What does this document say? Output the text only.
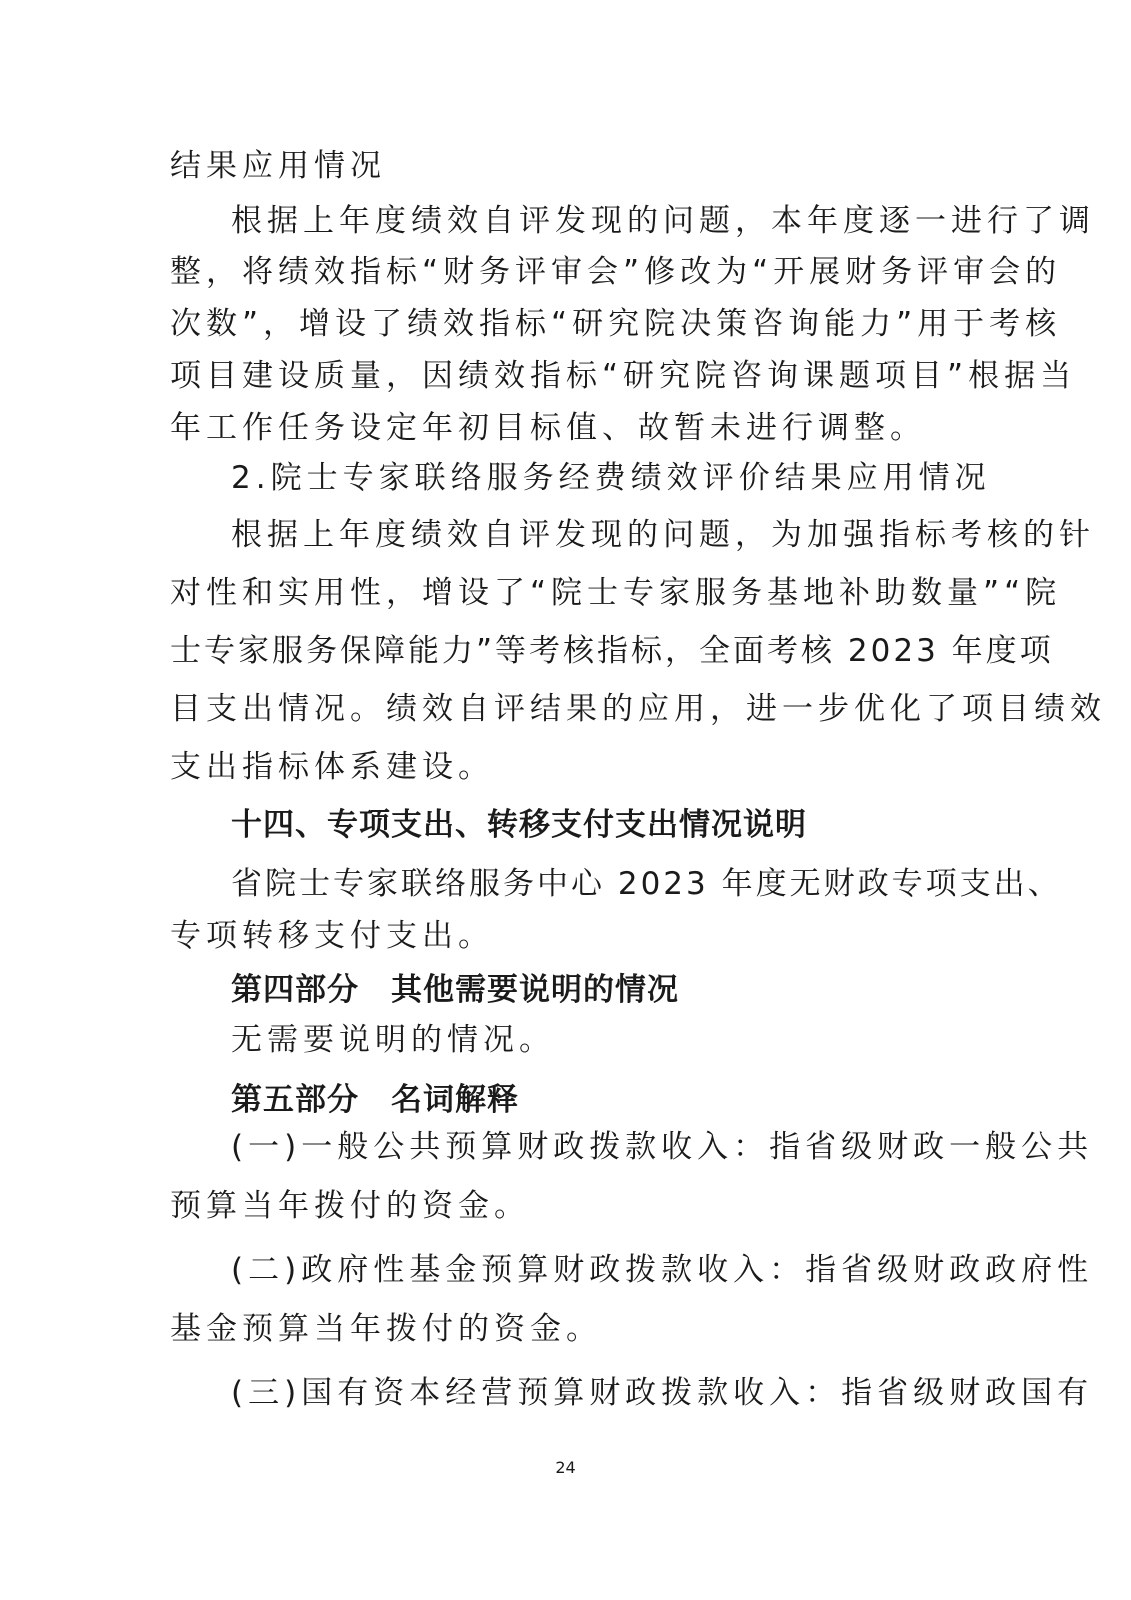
结果应用情况
根据上年度绩效自评发现的问题，本年度逐一进行了调
整，将绩效指标“财务评审会”修改为“开展财务评审会的
次数”，增设了绩效指标“研究院决策咨询能力”用于考核
项目建设质量，因绩效指标“研究院咨询课题项目”根据当
年工作任务设定年初目标值、故暂未进行调整。
2.院士专家联络服务经费绩效评价结果应用情况
根据上年度绩效自评发现的问题，为加强指标考核的针
对性和实用性，增设了“院士专家服务基地补助数量”“院
士专家服务保障能力”等考核指标，全面考核 2023 年度项
目支出情况。绩效自评结果的应用，进一步优化了项目绩效
支出指标体系建设。
十四、专项支出、转移支付支出情况说明
省院士专家联络服务中心 2023 年度无财政专项支出、
专项转移支付支出。
第四部分　其他需要说明的情况
无需要说明的情况。
第五部分　名词解释
(一)一般公共预算财政拨款收入：指省级财政一般公共
预算当年拨付的资金。
(二)政府性基金预算财政拨款收入：指省级财政政府性
基金预算当年拨付的资金。
(三)国有资本经营预算财政拨款收入：指省级财政国有
24
